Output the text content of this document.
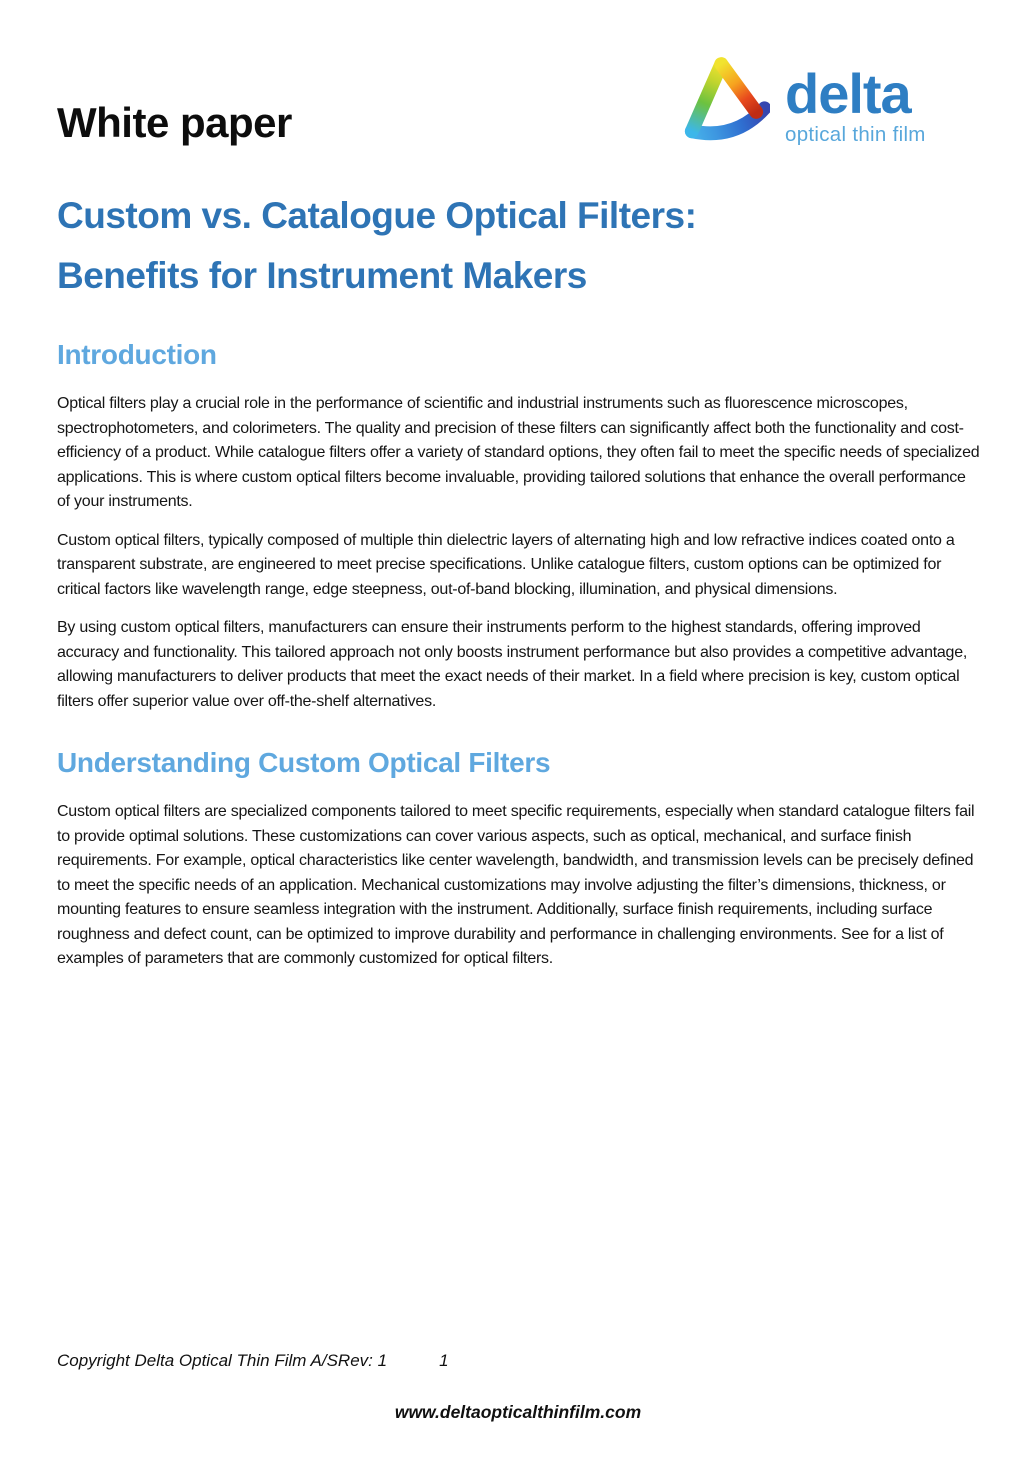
delta
optical thin film
White paper
Custom vs. Catalogue Optical Filters:
Benefits for Instrument Makers
Introduction

Optical filters play a crucial role in the performance of scientific and industrial instruments such as fluorescence microscopes, spectrophotometers, and colorimeters. The quality and precision of these filters can significantly affect both the functionality and cost-efficiency of a product. While catalogue filters offer a variety of standard options, they often fail to meet the specific needs of specialized applications. This is where custom optical filters become invaluable, providing tailored solutions that enhance the overall performance of your instruments.

Custom optical filters, typically composed of multiple thin dielectric layers of alternating high and low refractive indices coated onto a transparent substrate, are engineered to meet precise specifications. Unlike catalogue filters, custom options can be optimized for critical factors like wavelength range, edge steepness, out-of-band blocking, illumination, and physical dimensions.

By using custom optical filters, manufacturers can ensure their instruments perform to the highest standards, offering improved accuracy and functionality. This tailored approach not only boosts instrument performance but also provides a competitive advantage, allowing manufacturers to deliver products that meet the exact needs of their market. In a field where precision is key, custom optical filters offer superior value over off-the-shelf alternatives.

Understanding Custom Optical Filters

Custom optical filters are specialized components tailored to meet specific requirements, especially when standard catalogue filters fail to provide optimal solutions. These customizations can cover various aspects, such as optical, mechanical, and surface finish requirements. For example, optical characteristics like center wavelength, bandwidth, and transmission levels can be precisely defined to meet the specific needs of an application. Mechanical customizations may involve adjusting the filter’s dimensions, thickness, or mounting features to ensure seamless integration with the instrument. Additionally, surface finish requirements, including surface roughness and defect count, can be optimized to improve durability and performance in challenging environments. See for a list of examples of parameters that are commonly customized for optical filters.

Copyright Delta Optical Thin Film A/SRev: 1	1
www.deltaopticalthinfilm.com
